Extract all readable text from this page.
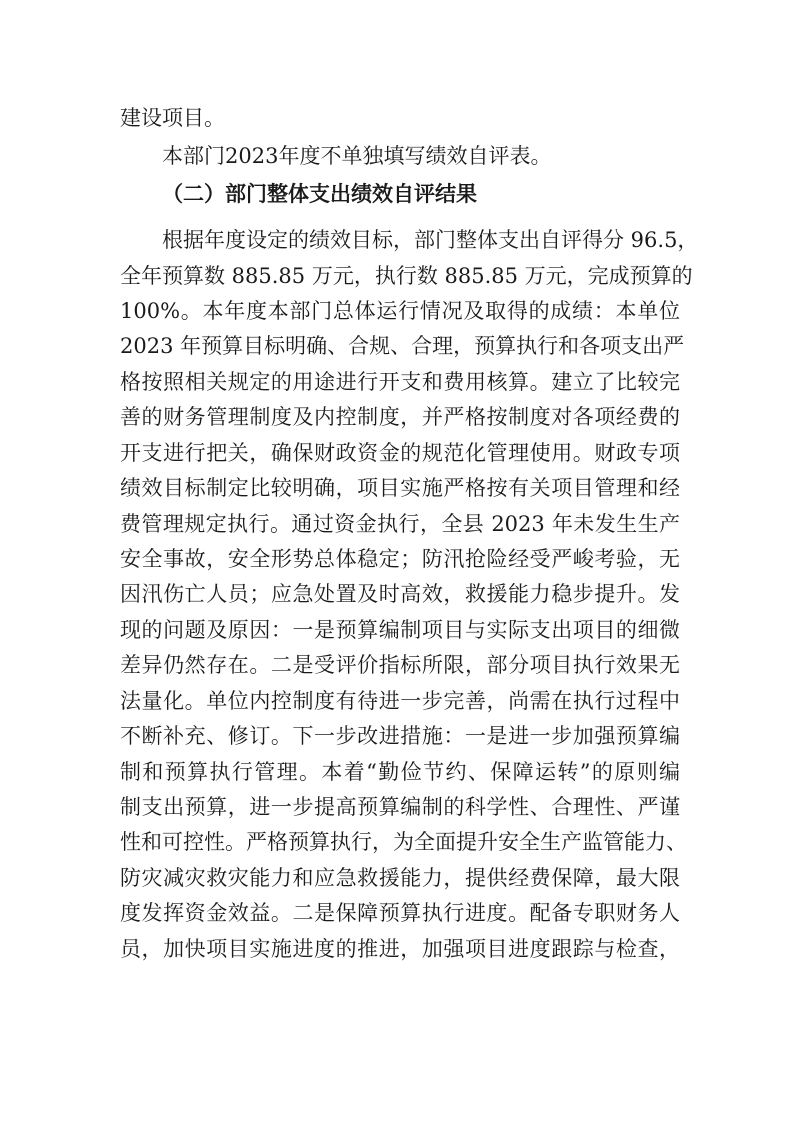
建设项目。
本部门2023年度不单独填写绩效自评表。
（二）部门整体支出绩效自评结果
根据年度设定的绩效目标，部门整体支出自评得分 96.5，
全年预算数 885.85 万元，执行数 885.85 万元，完成预算的
100%。本年度本部门总体运行情况及取得的成绩：本单位
2023 年预算目标明确、合规、合理，预算执行和各项支出严
格按照相关规定的用途进行开支和费用核算。建立了比较完
善的财务管理制度及内控制度，并严格按制度对各项经费的
开支进行把关，确保财政资金的规范化管理使用。财政专项
绩效目标制定比较明确，项目实施严格按有关项目管理和经
费管理规定执行。通过资金执行，全县 2023 年未发生生产
安全事故，安全形势总体稳定；防汛抢险经受严峻考验，无
因汛伤亡人员；应急处置及时高效，救援能力稳步提升。发
现的问题及原因：一是预算编制项目与实际支出项目的细微
差异仍然存在。二是受评价指标所限，部分项目执行效果无
法量化。单位内控制度有待进一步完善，尚需在执行过程中
不断补充、修订。下一步改进措施：一是进一步加强预算编
制和预算执行管理。本着“勤俭节约、保障运转”的原则编
制支出预算，进一步提高预算编制的科学性、合理性、严谨
性和可控性。严格预算执行，为全面提升安全生产监管能力、
防灾减灾救灾能力和应急救援能力，提供经费保障，最大限
度发挥资金效益。二是保障预算执行进度。配备专职财务人
员，加快项目实施进度的推进，加强项目进度跟踪与检查，
